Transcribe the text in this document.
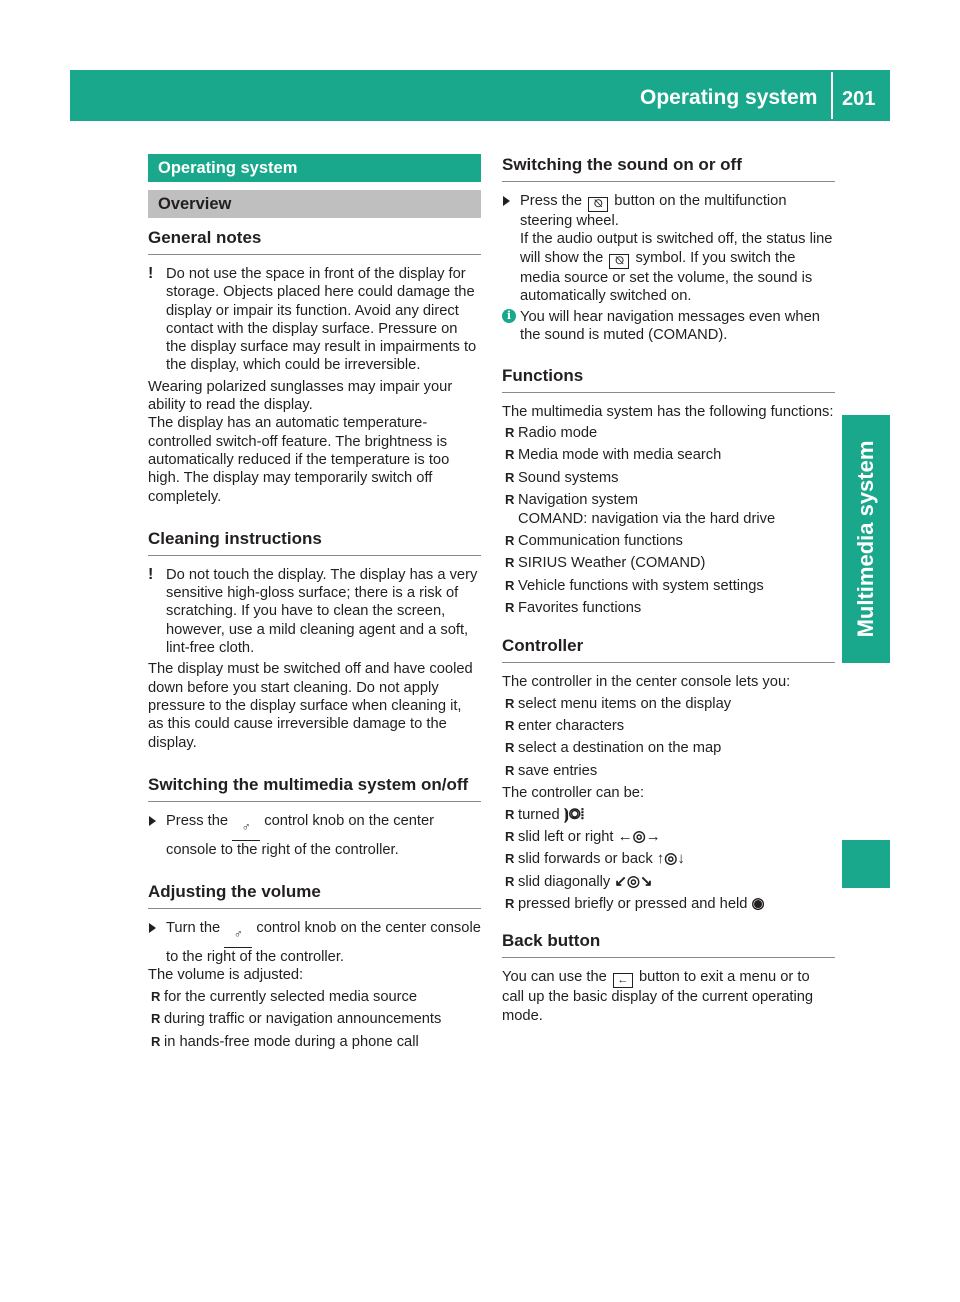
Operating system 201
Multimedia system
Operating system
Overview
General notes
! Do not use the space in front of the display for storage. Objects placed here could damage the display or impair its function. Avoid any direct contact with the display surface. Pressure on the display surface may result in impairments to the display, which could be irreversible.

Wearing polarized sunglasses may impair your ability to read the display.

The display has an automatic temperature-controlled switch-off feature. The brightness is automatically reduced if the temperature is too high. The display may temporarily switch off completely.

Cleaning instructions
! Do not touch the display. The display has a very sensitive high-gloss surface; there is a risk of scratching. If you have to clean the screen, however, use a mild cleaning agent and a soft, lint-free cloth.

The display must be switched off and have cooled down before you start cleaning. Do not apply pressure to the display surface when cleaning it, as this could cause irreversible damage to the display.

Switching the multimedia system on/off
Press the ♂ control knob on the center console to the right of the controller.
Adjusting the volume
Turn the ♂ control knob on the center console to the right of the controller.

The volume is adjusted:

R for the currently selected media source
R during traffic or navigation announcements
R in hands-free mode during a phone call
Switching the sound on or off
Press the ⦰ button on the multifunction steering wheel.
If the audio output is switched off, the status line will show the ⦰ symbol. If you switch the media source or set the volume, the sound is automatically switched on.
i You will hear navigation messages even when the sound is muted (COMAND).
Functions

The multimedia system has the following functions:

R Radio mode
R Media mode with media search
R Sound systems
R Navigation system
COMAND: navigation via the hard drive
R Communication functions
R SIRIUS Weather (COMAND)
R Vehicle functions with system settings
R Favorites functions
Controller

The controller in the center console lets you:

R select menu items on the display
R enter characters
R select a destination on the map
R save entries

The controller can be:

R turned ⦘◎⦙
R slid left or right ←◎→
R slid forwards or back ↑◎↓
R slid diagonally ↙◎↘
R pressed briefly or pressed and held ◉
Back button

You can use the ← button to exit a menu or to call up the basic display of the current operating mode.
